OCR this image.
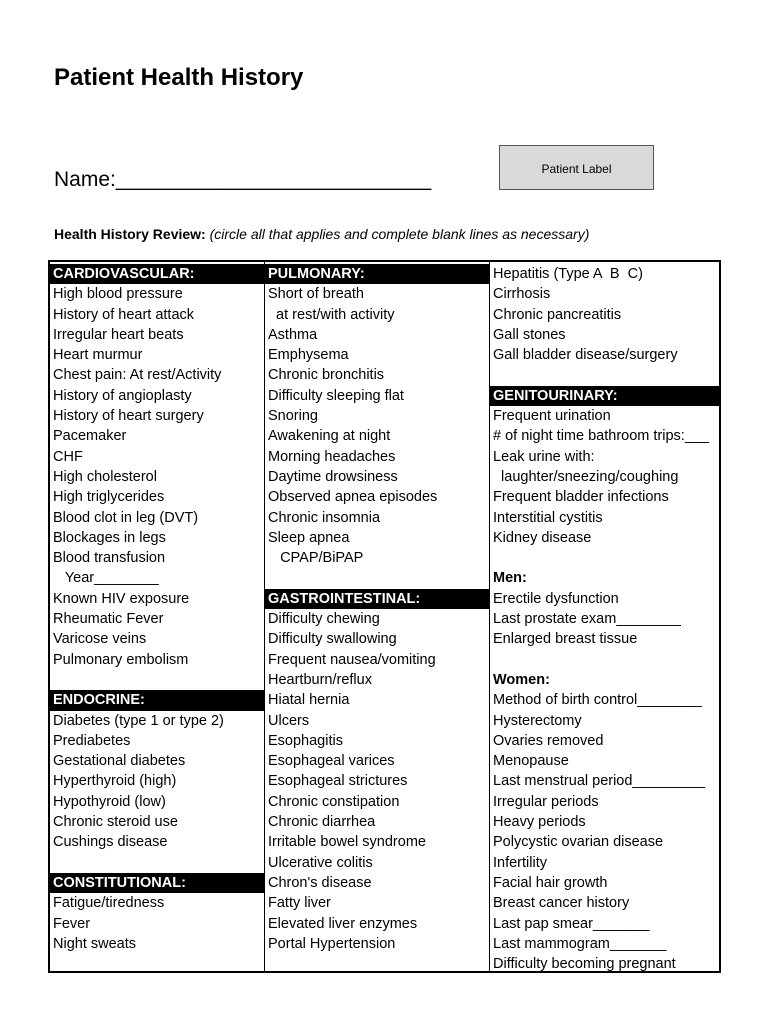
Patient Health History
Name:___________________________	Patient Label
Health History Review: (circle all that applies and complete blank lines as necessary)
CARDIOVASCULAR:
High blood pressure
History of heart attack
Irregular heart beats
Heart murmur
Chest pain: At rest/Activity
History of angioplasty
History of heart surgery
Pacemaker
CHF
High cholesterol
High triglycerides
Blood clot in leg (DVT)
Blockages in legs
Blood transfusion
Year________
Known HIV exposure
Rheumatic Fever
Varicose veins
Pulmonary embolism
ENDOCRINE:
Diabetes (type 1 or type 2)
Prediabetes
Gestational diabetes
Hyperthyroid (high)
Hypothyroid (low)
Chronic steroid use
Cushings disease
CONSTITUTIONAL:
Fatigue/tiredness
Fever
Night sweats
PULMONARY:
Short of breath
at rest/with activity
Asthma
Emphysema
Chronic bronchitis
Difficulty sleeping flat
Snoring
Awakening at night
Morning headaches
Daytime drowsiness
Observed apnea episodes
Chronic insomnia
Sleep apnea
CPAP/BiPAP
GASTROINTESTINAL:
Difficulty chewing
Difficulty swallowing
Frequent nausea/vomiting
Heartburn/reflux
Hiatal hernia
Ulcers
Esophagitis
Esophageal varices
Esophageal strictures
Chronic constipation
Chronic diarrhea
Irritable bowel syndrome
Ulcerative colitis
Chron's disease
Fatty liver
Elevated liver enzymes
Portal Hypertension
Hepatitis (Type A  B  C)
Cirrhosis
Chronic pancreatitis
Gall stones
Gall bladder disease/surgery
GENITOURINARY:
Frequent urination
# of night time bathroom trips:___
Leak urine with:
laughter/sneezing/coughing
Frequent bladder infections
Interstitial cystitis
Kidney disease
Men:
Erectile dysfunction
Last prostate exam________
Enlarged breast tissue
Women:
Method of birth control________
Hysterectomy
Ovaries removed
Menopause
Last menstrual period_________
Irregular periods
Heavy periods
Polycystic ovarian disease
Infertility
Facial hair growth
Breast cancer history
Last pap smear_______
Last mammogram_______
Difficulty becoming pregnant
